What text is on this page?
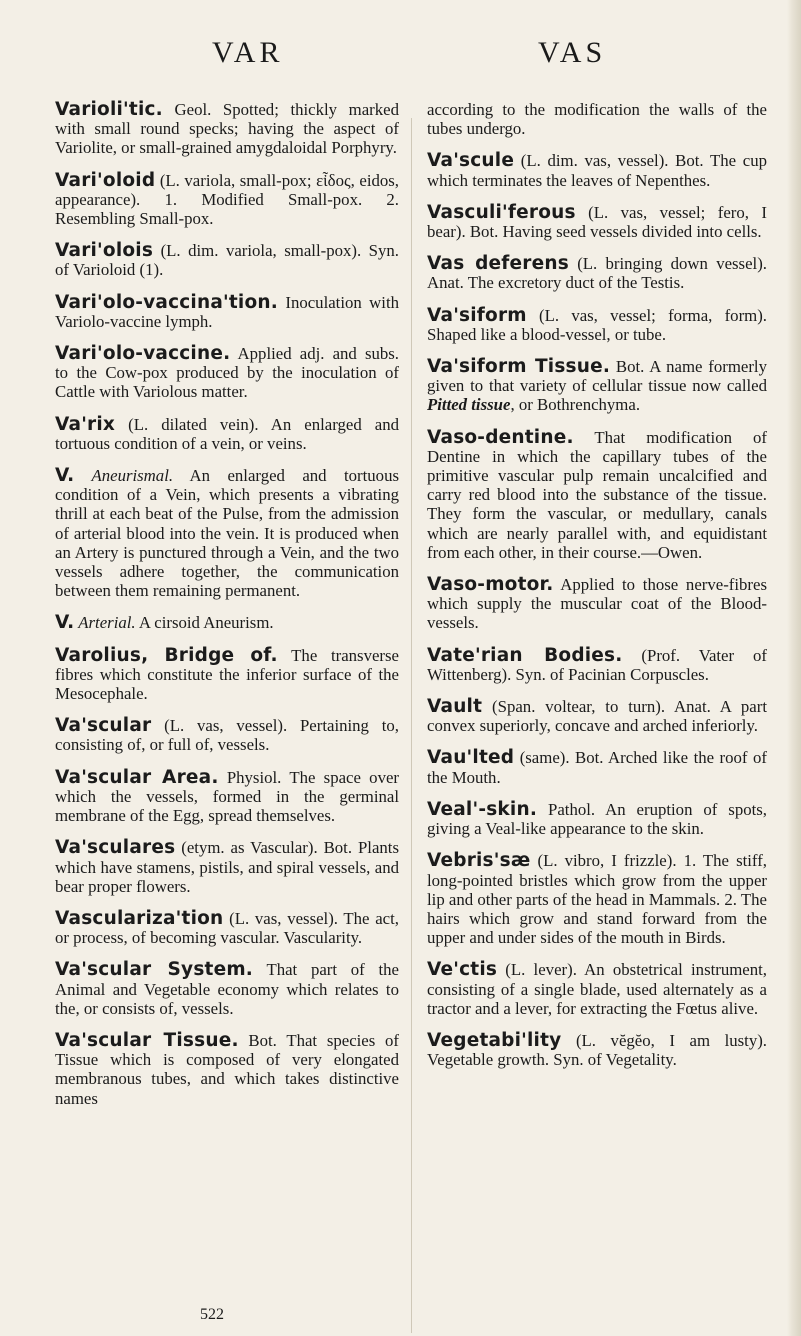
VAR	VAS

Varioli'tic. Geol. Spotted; thickly marked with small round specks; having the aspect of Variolite, or small-grained amygdaloidal Porphyry.

Vari'oloid (L. variola, small-pox; εἶδος, eidos, appearance). 1. Modified Small-pox. 2. Resembling Small-pox.

Vari'olois (L. dim. variola, small-pox). Syn. of Varioloid (1).

Vari'olo-vaccina'tion. Inoculation with Variolo-vaccine lymph.

Vari'olo-vaccine. Applied adj. and subs. to the Cow-pox produced by the inoculation of Cattle with Variolous matter.

Va'rix (L. dilated vein). An enlarged and tortuous condition of a vein, or veins.

V. Aneurismal. An enlarged and tortuous condition of a Vein, which presents a vibrating thrill at each beat of the Pulse, from the admission of arterial blood into the vein. It is produced when an Artery is punctured through a Vein, and the two vessels adhere together, the communication between them remaining permanent.

V. Arterial. A cirsoid Aneurism.

Varolius, Bridge of. The transverse fibres which constitute the inferior surface of the Mesocephale.

Va'scular (L. vas, vessel). Pertaining to, consisting of, or full of, vessels.

Va'scular Area. Physiol. The space over which the vessels, formed in the germinal membrane of the Egg, spread themselves.

Va'sculares (etym. as Vascular). Bot. Plants which have stamens, pistils, and spiral vessels, and bear proper flowers.

Vasculariza'tion (L. vas, vessel). The act, or process, of becoming vascular. Vascularity.

Va'scular System. That part of the Animal and Vegetable economy which relates to the, or consists of, vessels.

Va'scular Tissue. Bot. That species of Tissue which is composed of very elongated membranous tubes, and which takes distinctive names

according to the modification the walls of the tubes undergo.

Va'scule (L. dim. vas, vessel). Bot. The cup which terminates the leaves of Nepenthes.

Vasculi'ferous (L. vas, vessel; fero, I bear). Bot. Having seed vessels divided into cells.

Vas deferens (L. bringing down vessel). Anat. The excretory duct of the Testis.

Va'siform (L. vas, vessel; forma, form). Shaped like a blood-vessel, or tube.

Va'siform Tissue. Bot. A name formerly given to that variety of cellular tissue now called Pitted tissue, or Bothrenchyma.

Vaso-dentine. That modification of Dentine in which the capillary tubes of the primitive vascular pulp remain uncalcified and carry red blood into the substance of the tissue. They form the vascular, or medullary, canals which are nearly parallel with, and equidistant from each other, in their course.—Owen.

Vaso-motor. Applied to those nerve-fibres which supply the muscular coat of the Blood-vessels.

Vate'rian Bodies. (Prof. Vater of Wittenberg). Syn. of Pacinian Corpuscles.

Vault (Span. voltear, to turn). Anat. A part convex superiorly, concave and arched inferiorly.

Vau'lted (same). Bot. Arched like the roof of the Mouth.

Veal'-skin. Pathol. An eruption of spots, giving a Veal-like appearance to the skin.

Vebris'sæ (L. vibro, I frizzle). 1. The stiff, long-pointed bristles which grow from the upper lip and other parts of the head in Mammals. 2. The hairs which grow and stand forward from the upper and under sides of the mouth in Birds.

Ve'ctis (L. lever). An obstetrical instrument, consisting of a single blade, used alternately as a tractor and a lever, for extracting the Fœtus alive.

Vegetabi'lity (L. vĕgĕo, I am lusty). Vegetable growth. Syn. of Vegetality.

522
